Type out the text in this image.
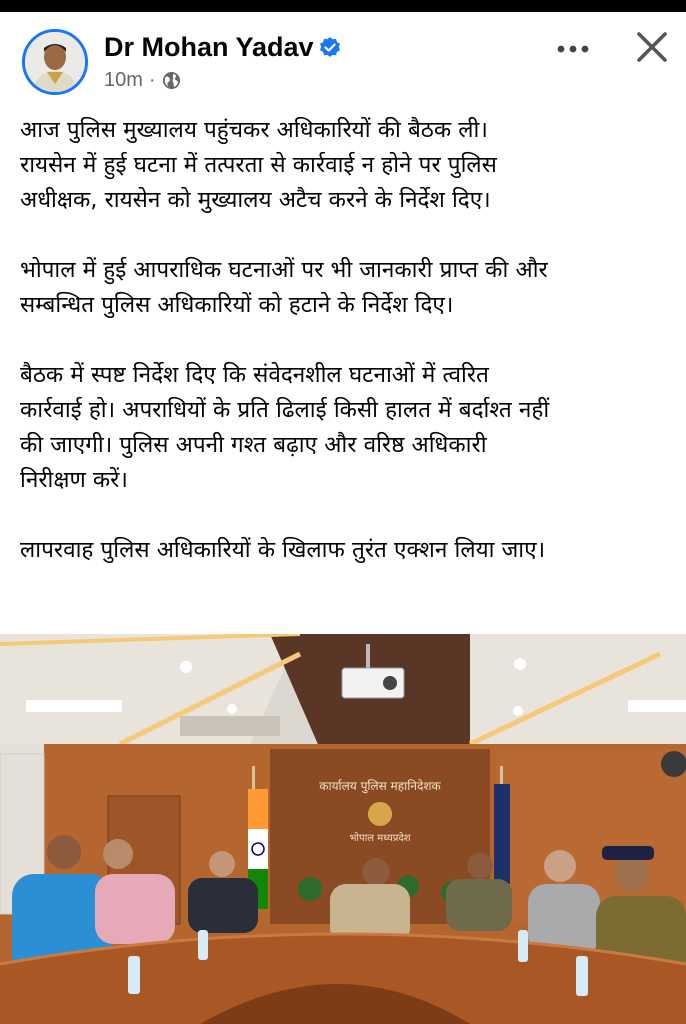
Dr Mohan Yadav
10m ·

आज पुलिस मुख्यालय पहुंचकर अधिकारियों की बैठक ली।
रायसेन में हुई घटना में तत्परता से कार्रवाई न होने पर पुलिस
अधीक्षक, रायसेन को मुख्यालय अटैच करने के निर्देश दिए।

भोपाल में हुई आपराधिक घटनाओं पर भी जानकारी प्राप्त की और
सम्बन्धित पुलिस अधिकारियों को हटाने के निर्देश दिए।

बैठक में स्पष्ट निर्देश दिए कि संवेदनशील घटनाओं में त्वरित
कार्रवाई हो। अपराधियों के प्रति ढिलाई किसी हालत में बर्दाश्त नहीं
की जाएगी। पुलिस अपनी गश्त बढ़ाए और वरिष्ठ अधिकारी
निरीक्षण करें।

लापरवाह पुलिस अधिकारियों के खिलाफ तुरंत एक्शन लिया जाए।

कार्यालय पुलिस महानिदेशक
भोपाल मध्यप्रदेश
